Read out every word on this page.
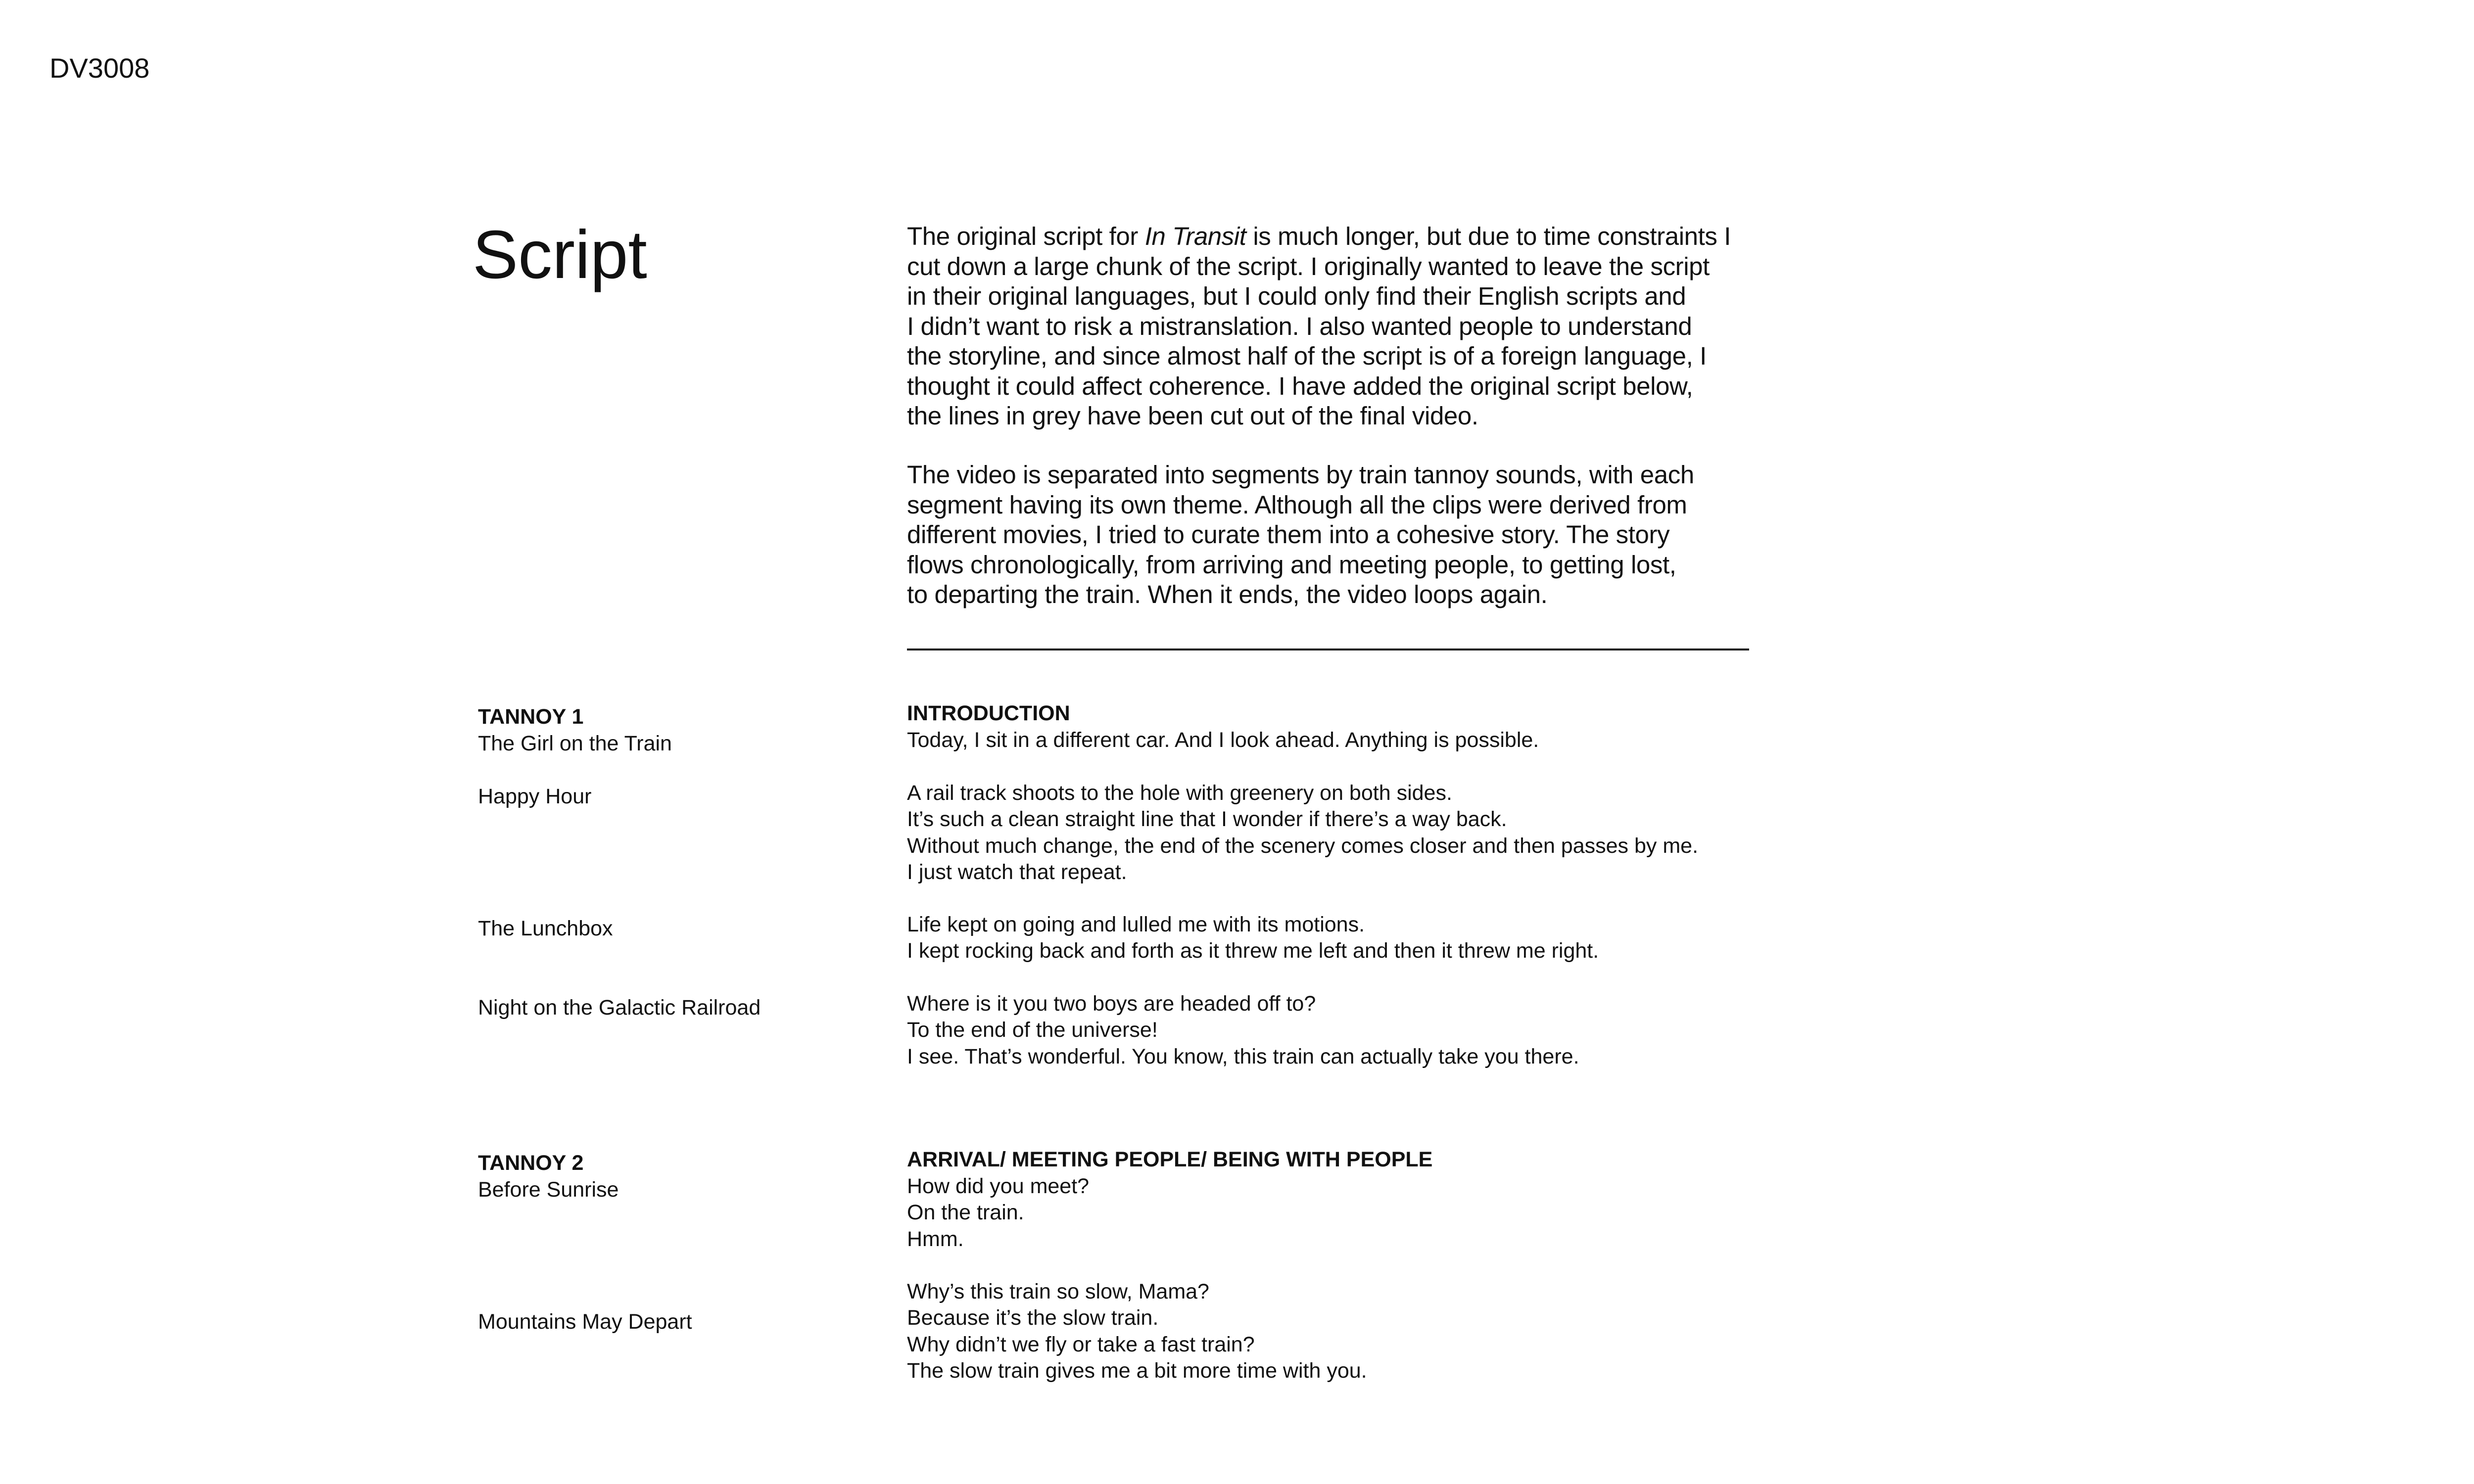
DV3008
Script	The original script for In Transit is much longer, but due to time constraints I
cut down a large chunk of the script. I originally wanted to leave the script
in their original languages, but I could only find their English scripts and
I didn’t want to risk a mistranslation. I also wanted people to understand
the storyline, and since almost half of the script is of a foreign language, I
thought it could affect coherence. I have added the original script below,
the lines in grey have been cut out of the final video.
The video is separated into segments by train tannoy sounds, with each
segment having its own theme. Although all the clips were derived from
different movies, I tried to curate them into a cohesive story. The story
flows chronologically, from arriving and meeting people, to getting lost,
to departing the train. When it ends, the video loops again.
TANNOY 1
The Girl on the Train
Happy Hour
The Lunchbox
Night on the Galactic Railroad
INTRODUCTION
Today, I sit in a different car. And I look ahead. Anything is possible.
A rail track shoots to the hole with greenery on both sides.
It’s such a clean straight line that I wonder if there’s a way back.
Without much change, the end of the scenery comes closer and then passes by me.
I just watch that repeat.
Life kept on going and lulled me with its motions.
I kept rocking back and forth as it threw me left and then it threw me right.
Where is it you two boys are headed off to?
To the end of the universe!
I see. That’s wonderful. You know, this train can actually take you there.
TANNOY 2
Before Sunrise
Mountains May Depart
ARRIVAL/ MEETING PEOPLE/ BEING WITH PEOPLE
How did you meet?
On the train.
Hmm.
Why’s this train so slow, Mama?
Because it’s the slow train.
Why didn’t we fly or take a fast train?
The slow train gives me a bit more time with you.
